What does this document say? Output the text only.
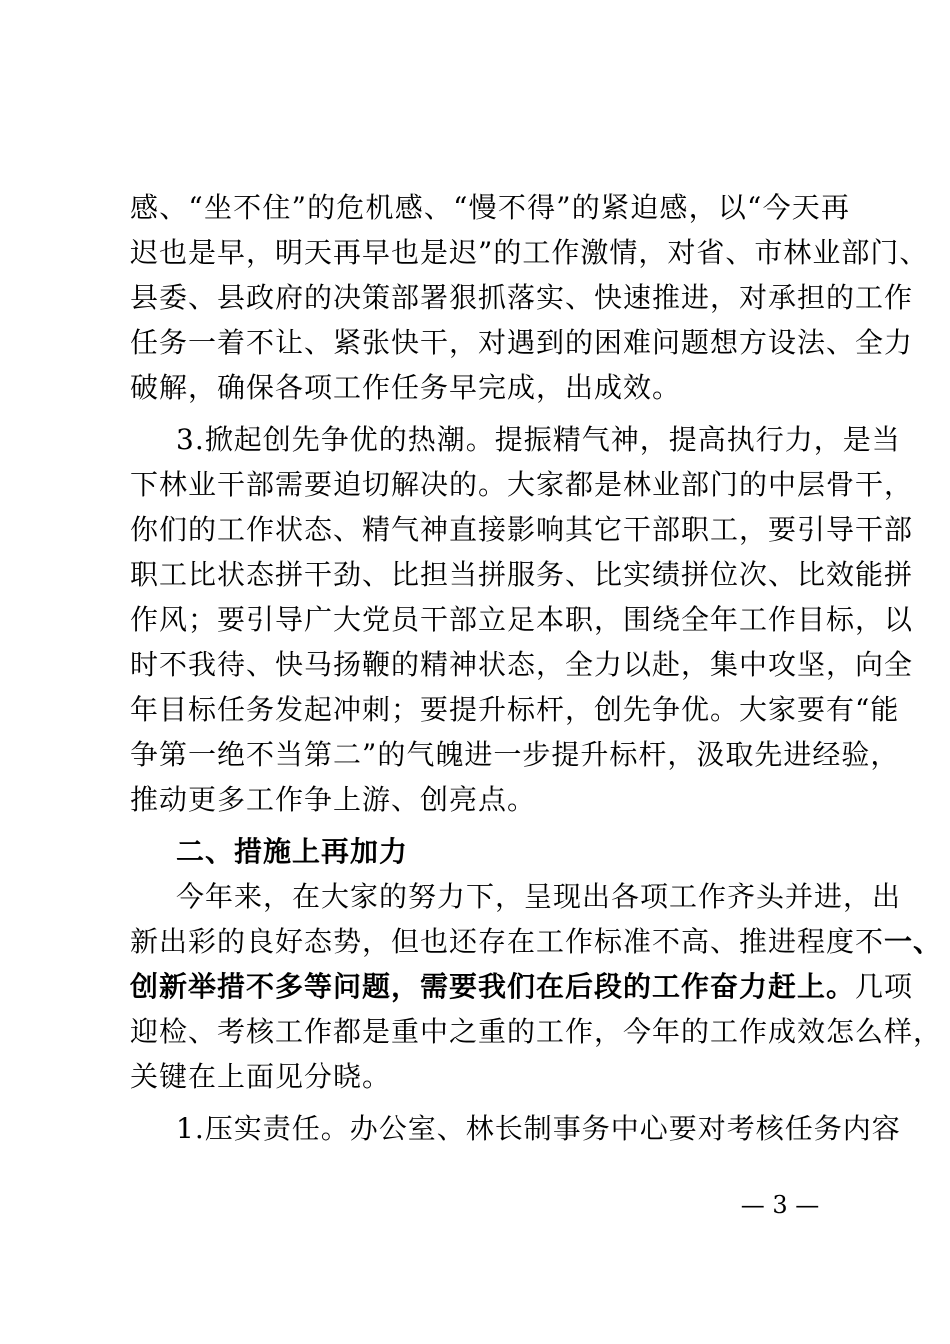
感、“坐不住”的危机感、“慢不得”的紧迫感，以“今天再
迟也是早，明天再早也是迟”的工作激情，对省、市林业部门、
县委、县政府的决策部署狠抓落实、快速推进，对承担的工作
任务一着不让、紧张快干，对遇到的困难问题想方设法、全力
破解，确保各项工作任务早完成，出成效。
3.掀起创先争优的热潮。提振精气神，提高执行力，是当
下林业干部需要迫切解决的。大家都是林业部门的中层骨干，
你们的工作状态、精气神直接影响其它干部职工，要引导干部
职工比状态拼干劲、比担当拼服务、比实绩拼位次、比效能拼
作风；要引导广大党员干部立足本职，围绕全年工作目标，以
时不我待、快马扬鞭的精神状态，全力以赴，集中攻坚，向全
年目标任务发起冲刺；要提升标杆，创先争优。大家要有“能
争第一绝不当第二”的气魄进一步提升标杆，汲取先进经验，
推动更多工作争上游、创亮点。
二、措施上再加力
今年来，在大家的努力下，呈现出各项工作齐头并进，出
新出彩的良好态势，但也还存在工作标准不高、推进程度不一、
创新举措不多等问题，需要我们在后段的工作奋力赶上。几项
迎检、考核工作都是重中之重的工作，今年的工作成效怎么样，
关键在上面见分晓。
1.压实责任。办公室、林长制事务中心要对考核任务内容
— 3 —
